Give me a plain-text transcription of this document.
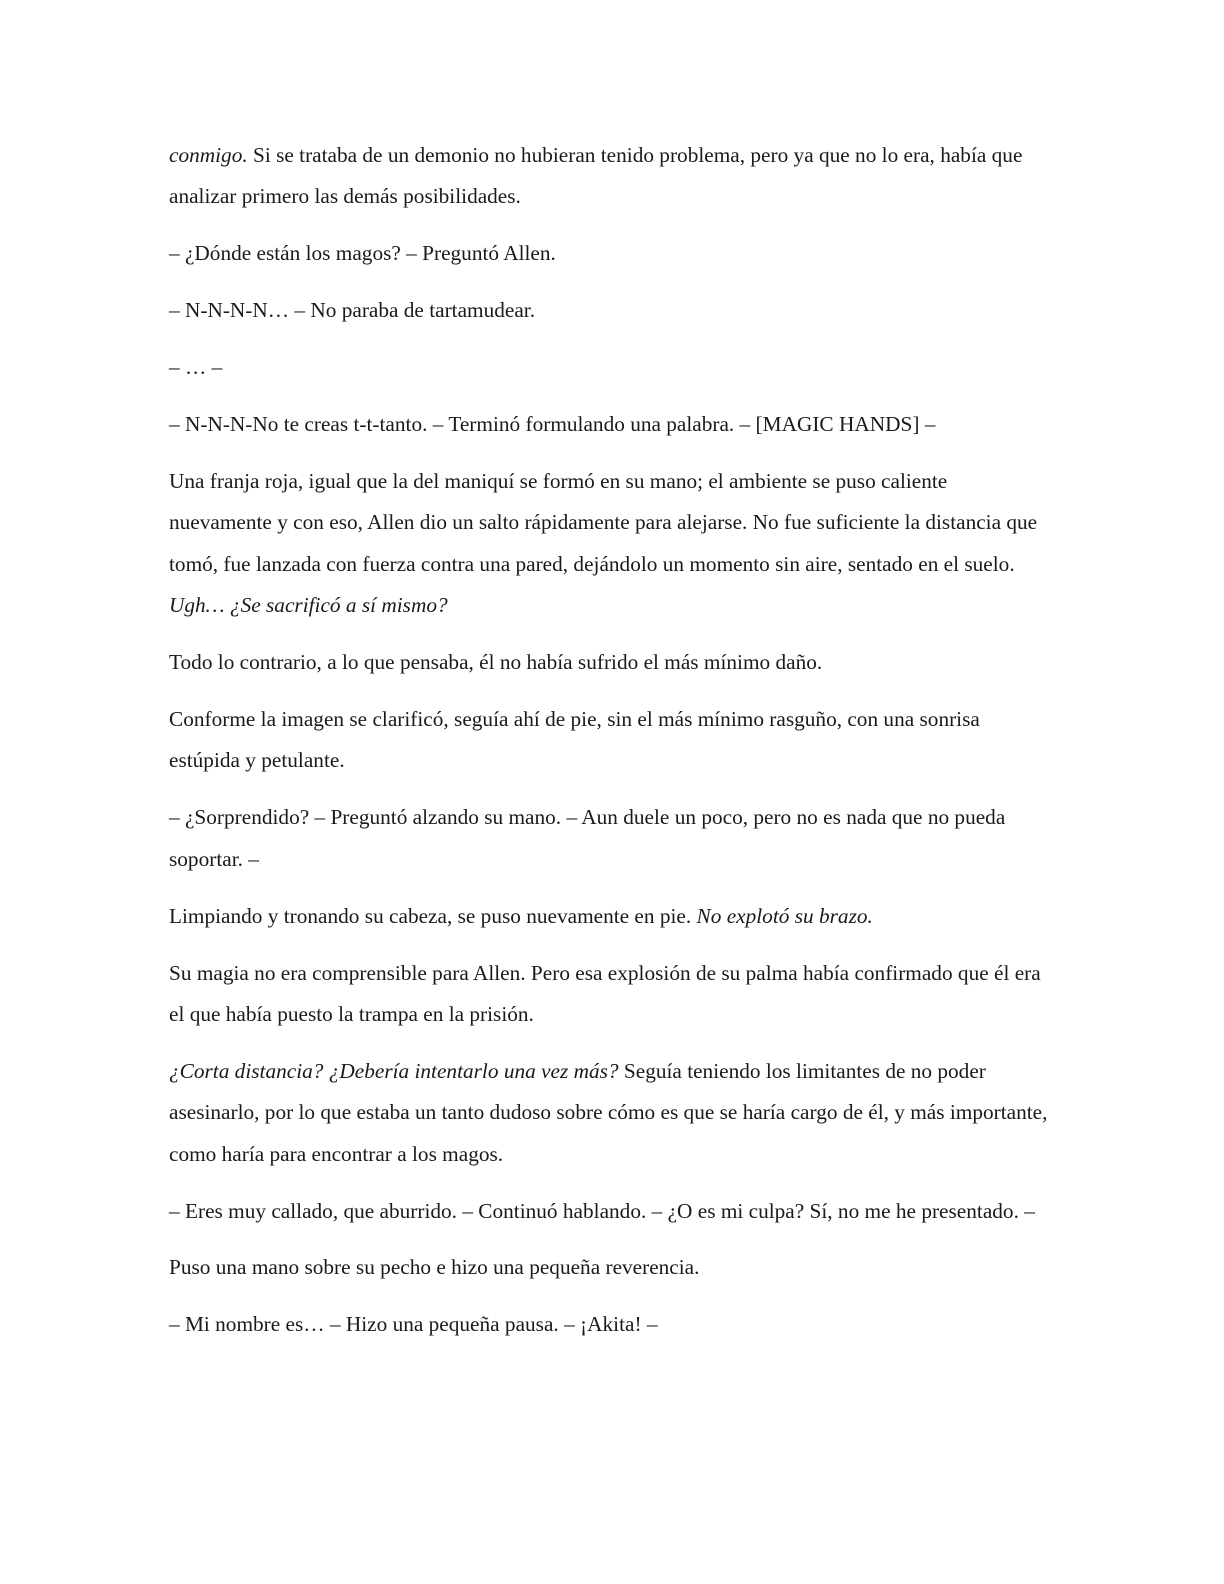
conmigo. Si se trataba de un demonio no hubieran tenido problema, pero ya que no lo era, había que analizar primero las demás posibilidades.

– ¿Dónde están los magos? – Preguntó Allen.

– N-N-N-N… – No paraba de tartamudear.

– … –

– N-N-N-No te creas t-t-tanto. – Terminó formulando una palabra. – [MAGIC HANDS] –

Una franja roja, igual que la del maniquí se formó en su mano; el ambiente se puso caliente nuevamente y con eso, Allen dio un salto rápidamente para alejarse. No fue suficiente la distancia que tomó, fue lanzada con fuerza contra una pared, dejándolo un momento sin aire, sentado en el suelo. Ugh… ¿Se sacrificó a sí mismo?

Todo lo contrario, a lo que pensaba, él no había sufrido el más mínimo daño.

Conforme la imagen se clarificó, seguía ahí de pie, sin el más mínimo rasguño, con una sonrisa estúpida y petulante.

– ¿Sorprendido? – Preguntó alzando su mano. – Aun duele un poco, pero no es nada que no pueda soportar. –

Limpiando y tronando su cabeza, se puso nuevamente en pie. No explotó su brazo.

Su magia no era comprensible para Allen. Pero esa explosión de su palma había confirmado que él era el que había puesto la trampa en la prisión.

¿Corta distancia? ¿Debería intentarlo una vez más? Seguía teniendo los limitantes de no poder asesinarlo, por lo que estaba un tanto dudoso sobre cómo es que se haría cargo de él, y más importante, como haría para encontrar a los magos.

– Eres muy callado, que aburrido. – Continuó hablando. – ¿O es mi culpa? Sí, no me he presentado. –

Puso una mano sobre su pecho e hizo una pequeña reverencia.

– Mi nombre es… – Hizo una pequeña pausa. – ¡Akita! –
